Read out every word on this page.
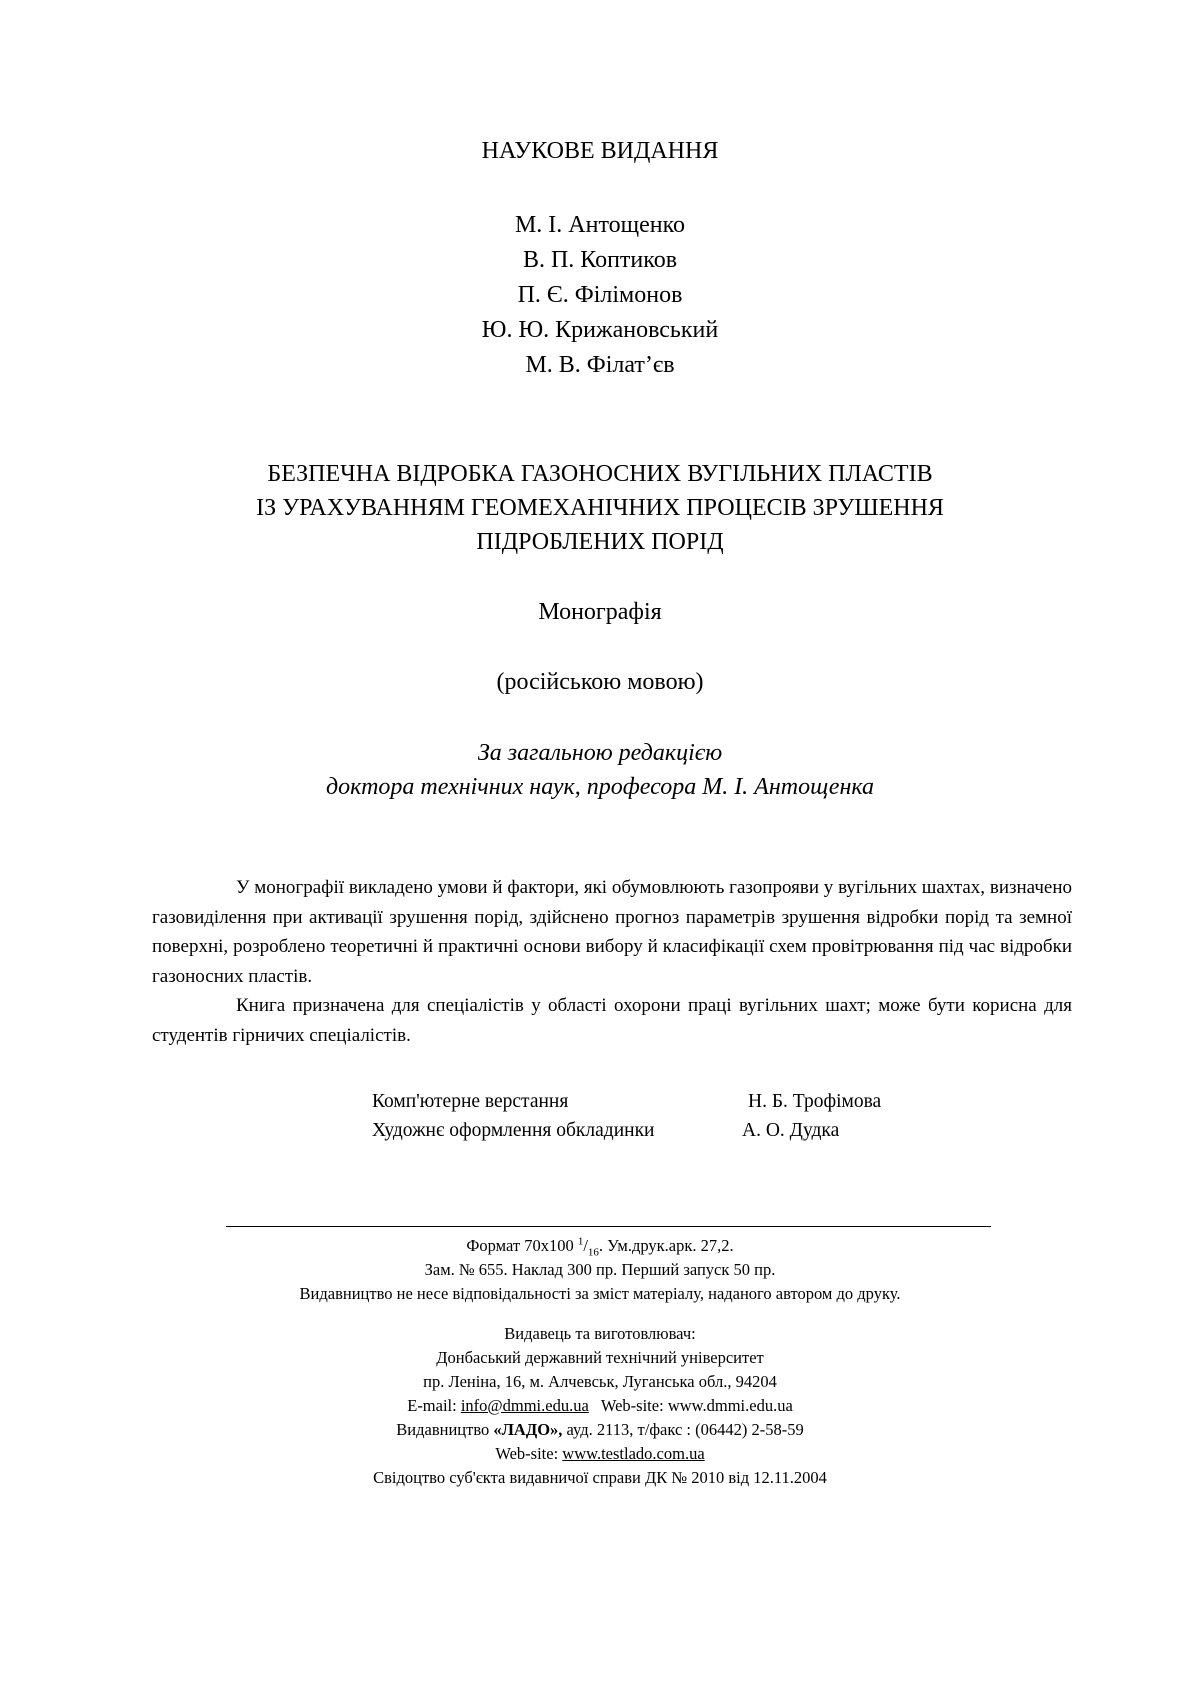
НАУКОВЕ ВИДАННЯ
М. І. Антощенко
В. П. Коптиков
П. Є. Філімонов
Ю. Ю. Крижановський
М. В. Філат’єв
БЕЗПЕЧНА ВІДРОБКА ГАЗОНОСНИХ ВУГІЛЬНИХ ПЛАСТІВ
ІЗ УРАХУВАННЯМ ГЕОМЕХАНІЧНИХ ПРОЦЕСІВ ЗРУШЕННЯ
ПІДРОБЛЕНИХ ПОРІД
Монографія
(російською мовою)
За загальною редакцією
доктора технічних наук, професора М. І. Антощенка

У монографії викладено умови й фактори, які обумовлюють газопрояви у вугільних шахтах, визначено газовиділення при активації зрушення порід, здійснено прогноз параметрів зрушення відробки порід та земної поверхні, розроблено теоретичні й практичні основи вибору й класифікації схем провітрювання під час відробки газоносних пластів.

Книга призначена для спеціалістів у області охорони праці вугільних шахт; може бути корисна для студентів гірничих спеціалістів.

Комп'ютерне верстання	Н. Б. Трофімова
Художнє оформлення обкладинки	А. О. Дудка
Формат 70х100 $^1/_{16}$. Ум.друк.арк. 27,2.
Зам. № 655. Наклад 300 пр. Перший запуск 50 пр.
Видавництво не несе відповідальності за зміст матеріалу, наданого автором до друку.
Видавець та виготовлювач:
Донбаський державний технічний університет
пр. Леніна, 16, м. Алчевськ, Луганська обл., 94204
E-mail: info@dmmi.edu.ua   Web-site: www.dmmi.edu.ua
Видавництво «ЛАДО», ауд. 2113, т/факс : (06442) 2-58-59
Web-site: www.testlado.com.ua
Свідоцтво суб'єкта видавничої справи ДК № 2010 від 12.11.2004
